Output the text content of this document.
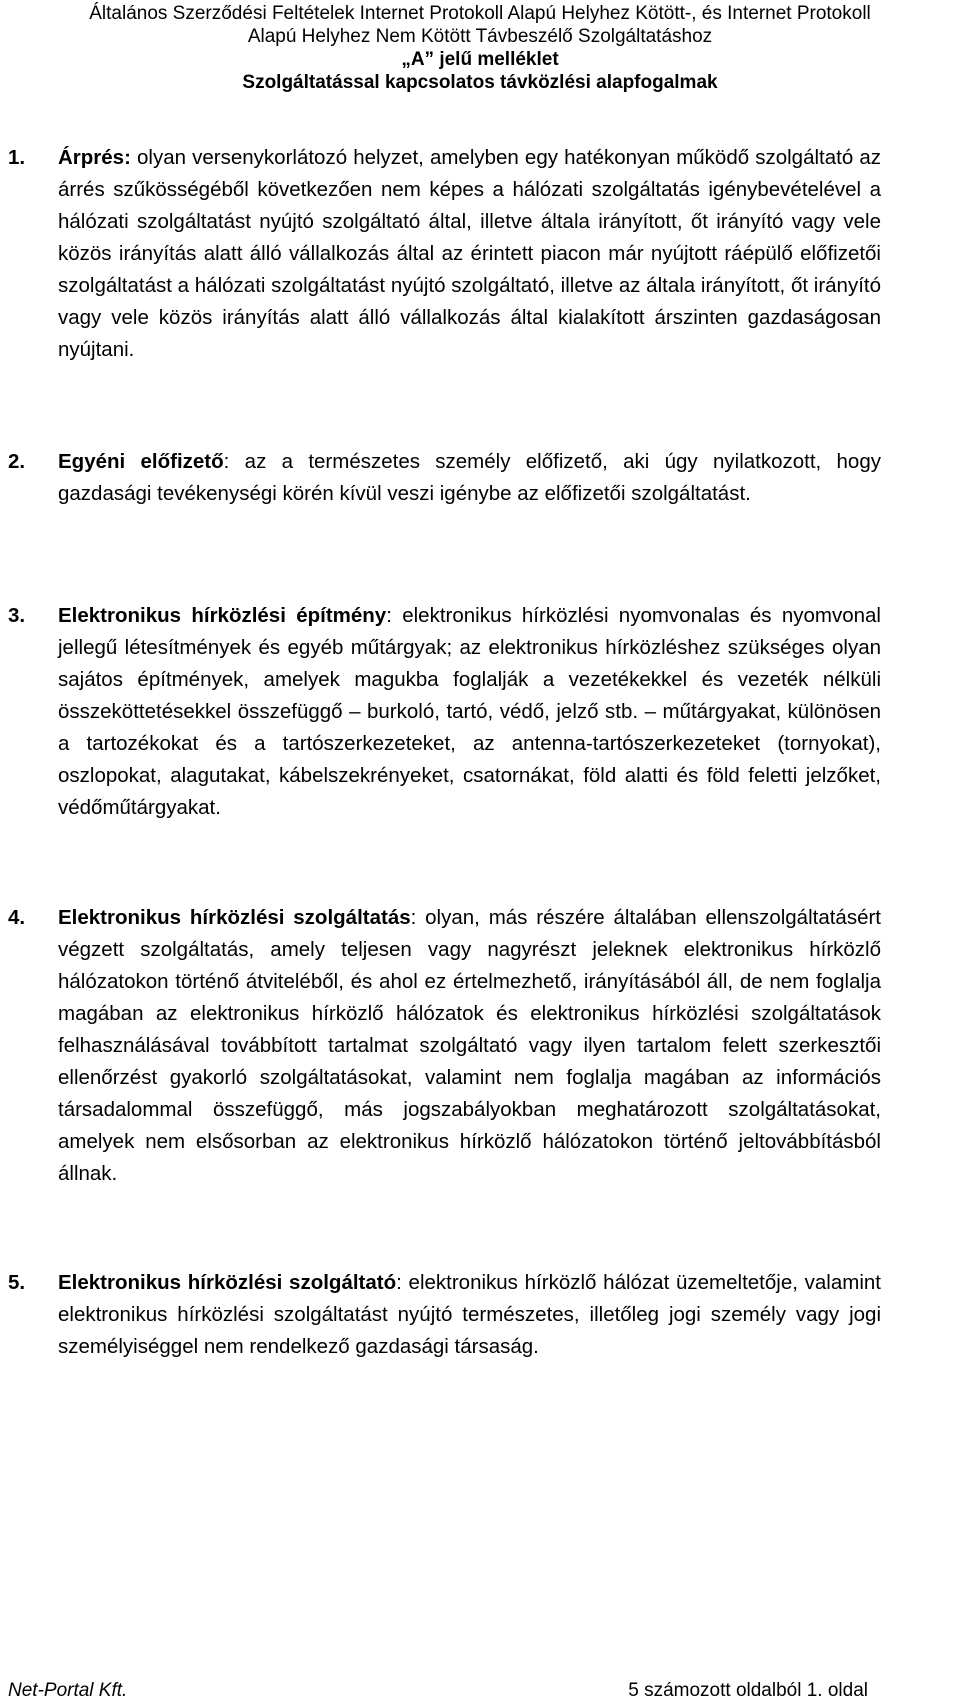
Általános Szerződési Feltételek Internet Protokoll Alapú Helyhez Kötött-, és Internet Protokoll
Alapú Helyhez Nem Kötött Távbeszélő Szolgáltatáshoz
„A” jelű melléklet
Szolgáltatással kapcsolatos távközlési alapfogalmak
1. Árprés: olyan versenykorlátozó helyzet, amelyben egy hatékonyan működő szolgáltató az árrés szűkösségéből következően nem képes a hálózati szolgáltatás igénybevételével a hálózati szolgáltatást nyújtó szolgáltató által, illetve általa irányított, őt irányító vagy vele közös irányítás alatt álló vállalkozás által az érintett piacon már nyújtott ráépülő előfizetői szolgáltatást a hálózati szolgáltatást nyújtó szolgáltató, illetve az általa irányított, őt irányító vagy vele közös irányítás alatt álló vállalkozás által kialakított árszinten gazdaságosan nyújtani.
2. Egyéni előfizető: az a természetes személy előfizető, aki úgy nyilatkozott, hogy gazdasági tevékenységi körén kívül veszi igénybe az előfizetői szolgáltatást.
3. Elektronikus hírközlési építmény: elektronikus hírközlési nyomvonalas és nyomvonal jellegű létesítmények és egyéb műtárgyak; az elektronikus hírközléshez szükséges olyan sajátos építmények, amelyek magukba foglalják a vezetékekkel és vezeték nélküli összeköttetésekkel összefüggő – burkoló, tartó, védő, jelző stb. – műtárgyakat, különösen a tartozékokat és a tartószerkezeteket, az antenna-tartószerkezeteket (tornyokat), oszlopokat, alagutakat, kábelszekrényeket, csatornákat, föld alatti és föld feletti jelzőket, védőműtárgyakat.
4. Elektronikus hírközlési szolgáltatás: olyan, más részére általában ellenszolgáltatásért végzett szolgáltatás, amely teljesen vagy nagyrészt jeleknek elektronikus hírközlő hálózatokon történő átviteléből, és ahol ez értelmezhető, irányításából áll, de nem foglalja magában az elektronikus hírközlő hálózatok és elektronikus hírközlési szolgáltatások felhasználásával továbbított tartalmat szolgáltató vagy ilyen tartalom felett szerkesztői ellenőrzést gyakorló szolgáltatásokat, valamint nem foglalja magában az információs társadalommal összefüggő, más jogszabályokban meghatározott szolgáltatásokat, amelyek nem elsősorban az elektronikus hírközlő hálózatokon történő jeltovábbításból állnak.
5. Elektronikus hírközlési szolgáltató: elektronikus hírközlő hálózat üzemeltetője, valamint elektronikus hírközlési szolgáltatást nyújtó természetes, illetőleg jogi személy vagy jogi személyiséggel nem rendelkező gazdasági társaság.
Net-Portal Kft.	5 számozott oldalból 1. oldal
